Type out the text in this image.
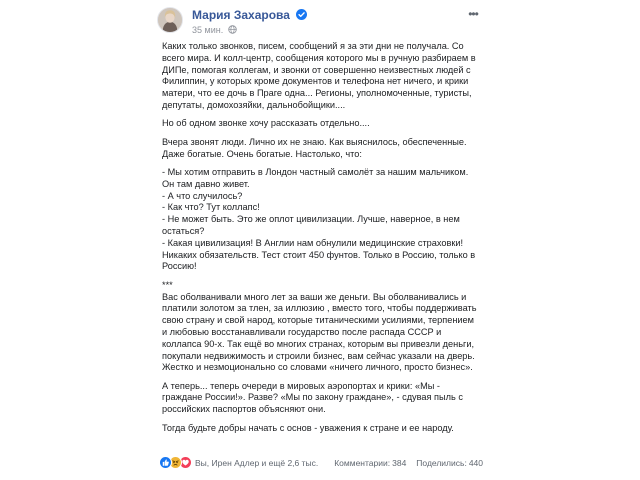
Мария Захарова
35 мин.
•••

Каких только звонков, писем, сообщений я за эти дни не получала. Со всего мира. И колл-центр, сообщения которого мы в ручную разбираем в ДИПе, помогая коллегам, и звонки от совершенно неизвестных людей с Филиппин, у которых кроме документов и телефона нет ничего, и крики матери, что ее дочь в Праге одна... Регионы, уполномоченные, туристы, депутаты, домохозяйки, дальнобойщики....

Но об одном звонке хочу рассказать отдельно....

Вчера звонят люди. Лично их не знаю. Как выяснилось, обеспеченные. Даже богатые. Очень богатые. Настолько, что:

- Мы хотим отправить в Лондон частный самолёт за нашим мальчиком. Он там давно живет.
- А что случилось?
- Как что? Тут коллапс!
- Не может быть. Это же оплот цивилизации. Лучше, наверное, в нем остаться?
- Какая цивилизация! В Англии нам обнулили медицинские страховки! Никаких обязательств. Тест стоит 450 фунтов. Только в Россию, только в Россию!

***
Вас оболванивали много лет за ваши же деньги. Вы оболванивались и платили золотом за тлен, за иллюзию , вместо того, чтобы поддерживать свою страну и свой народ, которые титаническими усилиями, терпением и любовью восстанавливали государство после распада СССР и коллапса 90-х. Так ещё во многих странах, которым вы привезли деньги, покупали недвижимость и строили бизнес, вам сейчас указали на дверь. Жестко и незмоционально со словами «ничего личного, просто бизнес».

А теперь... теперь очереди в мировых аэропортах и крики: «Мы - граждане России!». Разве? «Мы по закону граждане», - сдувая пыль с российских паспортов объясняют они.

Тогда будьте добры начать с основ - уважения к стране и ее народу.

Вы, Ирен Адлер и ещё 2,6 тыс. Комментарии: 384 Поделились: 440
